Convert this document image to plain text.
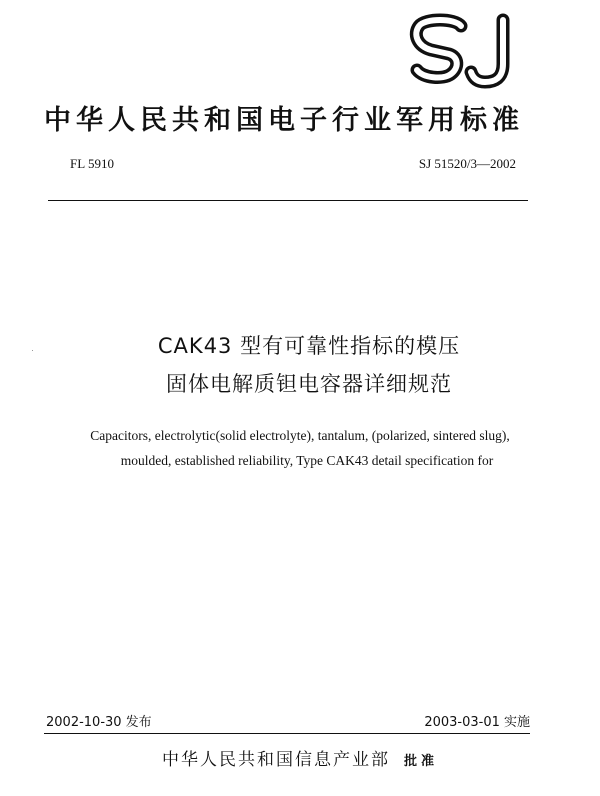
中华人民共和国电子行业军用标准
FL 5910	SJ 51520/3—2002
CAK43 型有可靠性指标的模压
固体电解质钽电容器详细规范
Capacitors, electrolytic(solid electrolyte), tantalum, (polarized, sintered slug),
moulded, established reliability, Type CAK43 detail specification for
2002-10-30 发布	2003-03-01 实施
中华人民共和国信息产业部 批准
